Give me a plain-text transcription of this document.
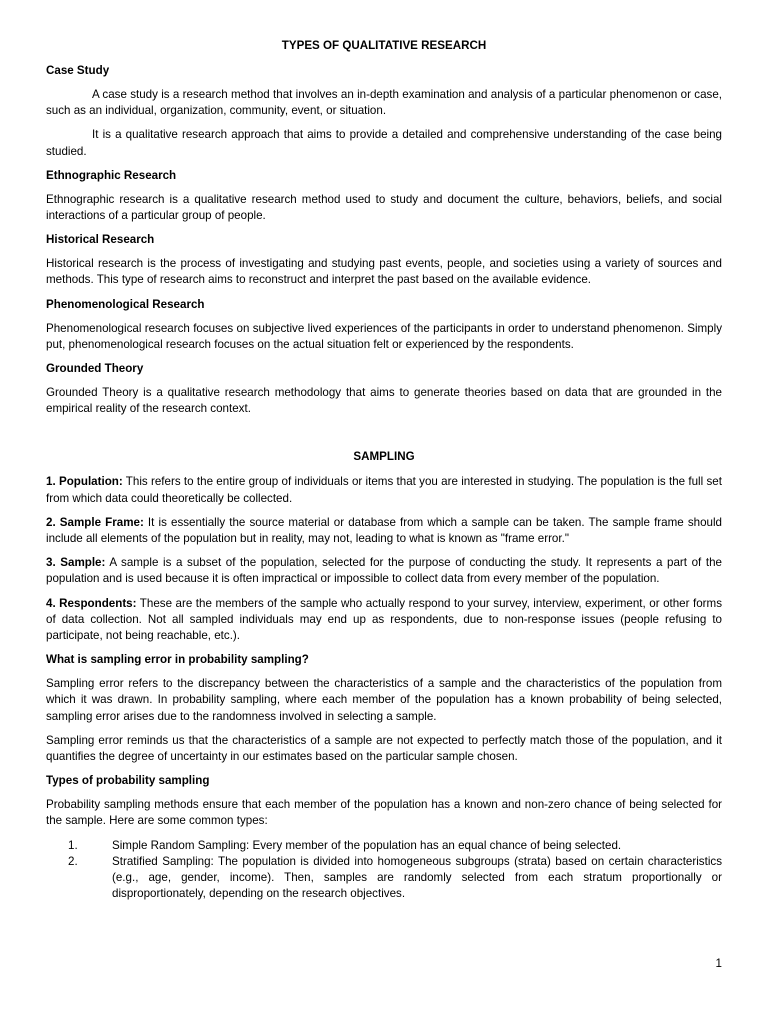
TYPES OF QUALITATIVE RESEARCH
Case Study

A case study is a research method that involves an in-depth examination and analysis of a particular phenomenon or case, such as an individual, organization, community, event, or situation.

It is a qualitative research approach that aims to provide a detailed and comprehensive understanding of the case being studied.

Ethnographic Research

Ethnographic research is a qualitative research method used to study and document the culture, behaviors, beliefs, and social interactions of a particular group of people.

Historical Research

Historical research is the process of investigating and studying past events, people, and societies using a variety of sources and methods. This type of research aims to reconstruct and interpret the past based on the available evidence.

Phenomenological Research

Phenomenological research focuses on subjective lived experiences of the participants in order to understand phenomenon. Simply put, phenomenological research focuses on the actual situation felt or experienced by the respondents.

Grounded Theory

Grounded Theory is a qualitative research methodology that aims to generate theories based on data that are grounded in the empirical reality of the research context.

SAMPLING

1. Population: This refers to the entire group of individuals or items that you are interested in studying. The population is the full set from which data could theoretically be collected.

2. Sample Frame: It is essentially the source material or database from which a sample can be taken. The sample frame should include all elements of the population but in reality, may not, leading to what is known as "frame error."

3. Sample: A sample is a subset of the population, selected for the purpose of conducting the study. It represents a part of the population and is used because it is often impractical or impossible to collect data from every member of the population.

4. Respondents: These are the members of the sample who actually respond to your survey, interview, experiment, or other forms of data collection. Not all sampled individuals may end up as respondents, due to non-response issues (people refusing to participate, not being reachable, etc.).

What is sampling error in probability sampling?

Sampling error refers to the discrepancy between the characteristics of a sample and the characteristics of the population from which it was drawn. In probability sampling, where each member of the population has a known probability of being selected, sampling error arises due to the randomness involved in selecting a sample.

Sampling error reminds us that the characteristics of a sample are not expected to perfectly match those of the population, and it quantifies the degree of uncertainty in our estimates based on the particular sample chosen.

Types of probability sampling

Probability sampling methods ensure that each member of the population has a known and non-zero chance of being selected for the sample. Here are some common types:

1.	Simple Random Sampling: Every member of the population has an equal chance of being selected.
2.	Stratified Sampling: The population is divided into homogeneous subgroups (strata) based on certain characteristics (e.g., age, gender, income). Then, samples are randomly selected from each stratum proportionally or disproportionately, depending on the research objectives.
1
